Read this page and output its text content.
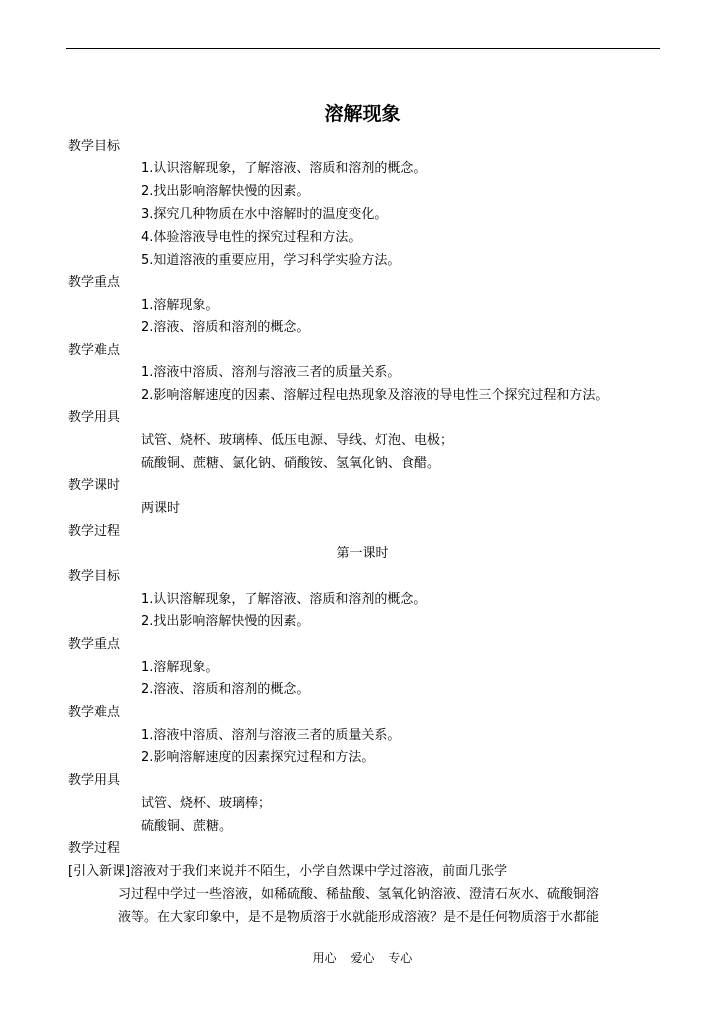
溶解现象
教学目标
1.认识溶解现象，了解溶液、溶质和溶剂的概念。
2.找出影响溶解快慢的因素。
3.探究几种物质在水中溶解时的温度变化。
4.体验溶液导电性的探究过程和方法。
5.知道溶液的重要应用，学习科学实验方法。
教学重点
1.溶解现象。
2.溶液、溶质和溶剂的概念。
教学难点
1.溶液中溶质、溶剂与溶液三者的质量关系。
2.影响溶解速度的因素、溶解过程电热现象及溶液的导电性三个探究过程和方法。
教学用具
试管、烧杯、玻璃棒、低压电源、导线、灯泡、电极；
硫酸铜、蔗糖、氯化钠、硝酸铵、氢氧化钠、食醋。
教学课时
两课时
教学过程
第一课时
教学目标
1.认识溶解现象，了解溶液、溶质和溶剂的概念。
2.找出影响溶解快慢的因素。
教学重点
1.溶解现象。
2.溶液、溶质和溶剂的概念。
教学难点
1.溶液中溶质、溶剂与溶液三者的质量关系。
2.影响溶解速度的因素探究过程和方法。
教学用具
试管、烧杯、玻璃棒；
硫酸铜、蔗糖。
教学过程
[引入新课]溶液对于我们来说并不陌生，小学自然课中学过溶液，前面几张学
习过程中学过一些溶液，如稀硫酸、稀盐酸、氢氧化钠溶液、澄清石灰水、硫酸铜溶
液等。在大家印象中，是不是物质溶于水就能形成溶液？是不是任何物质溶于水都能
用心 爱心 专心
